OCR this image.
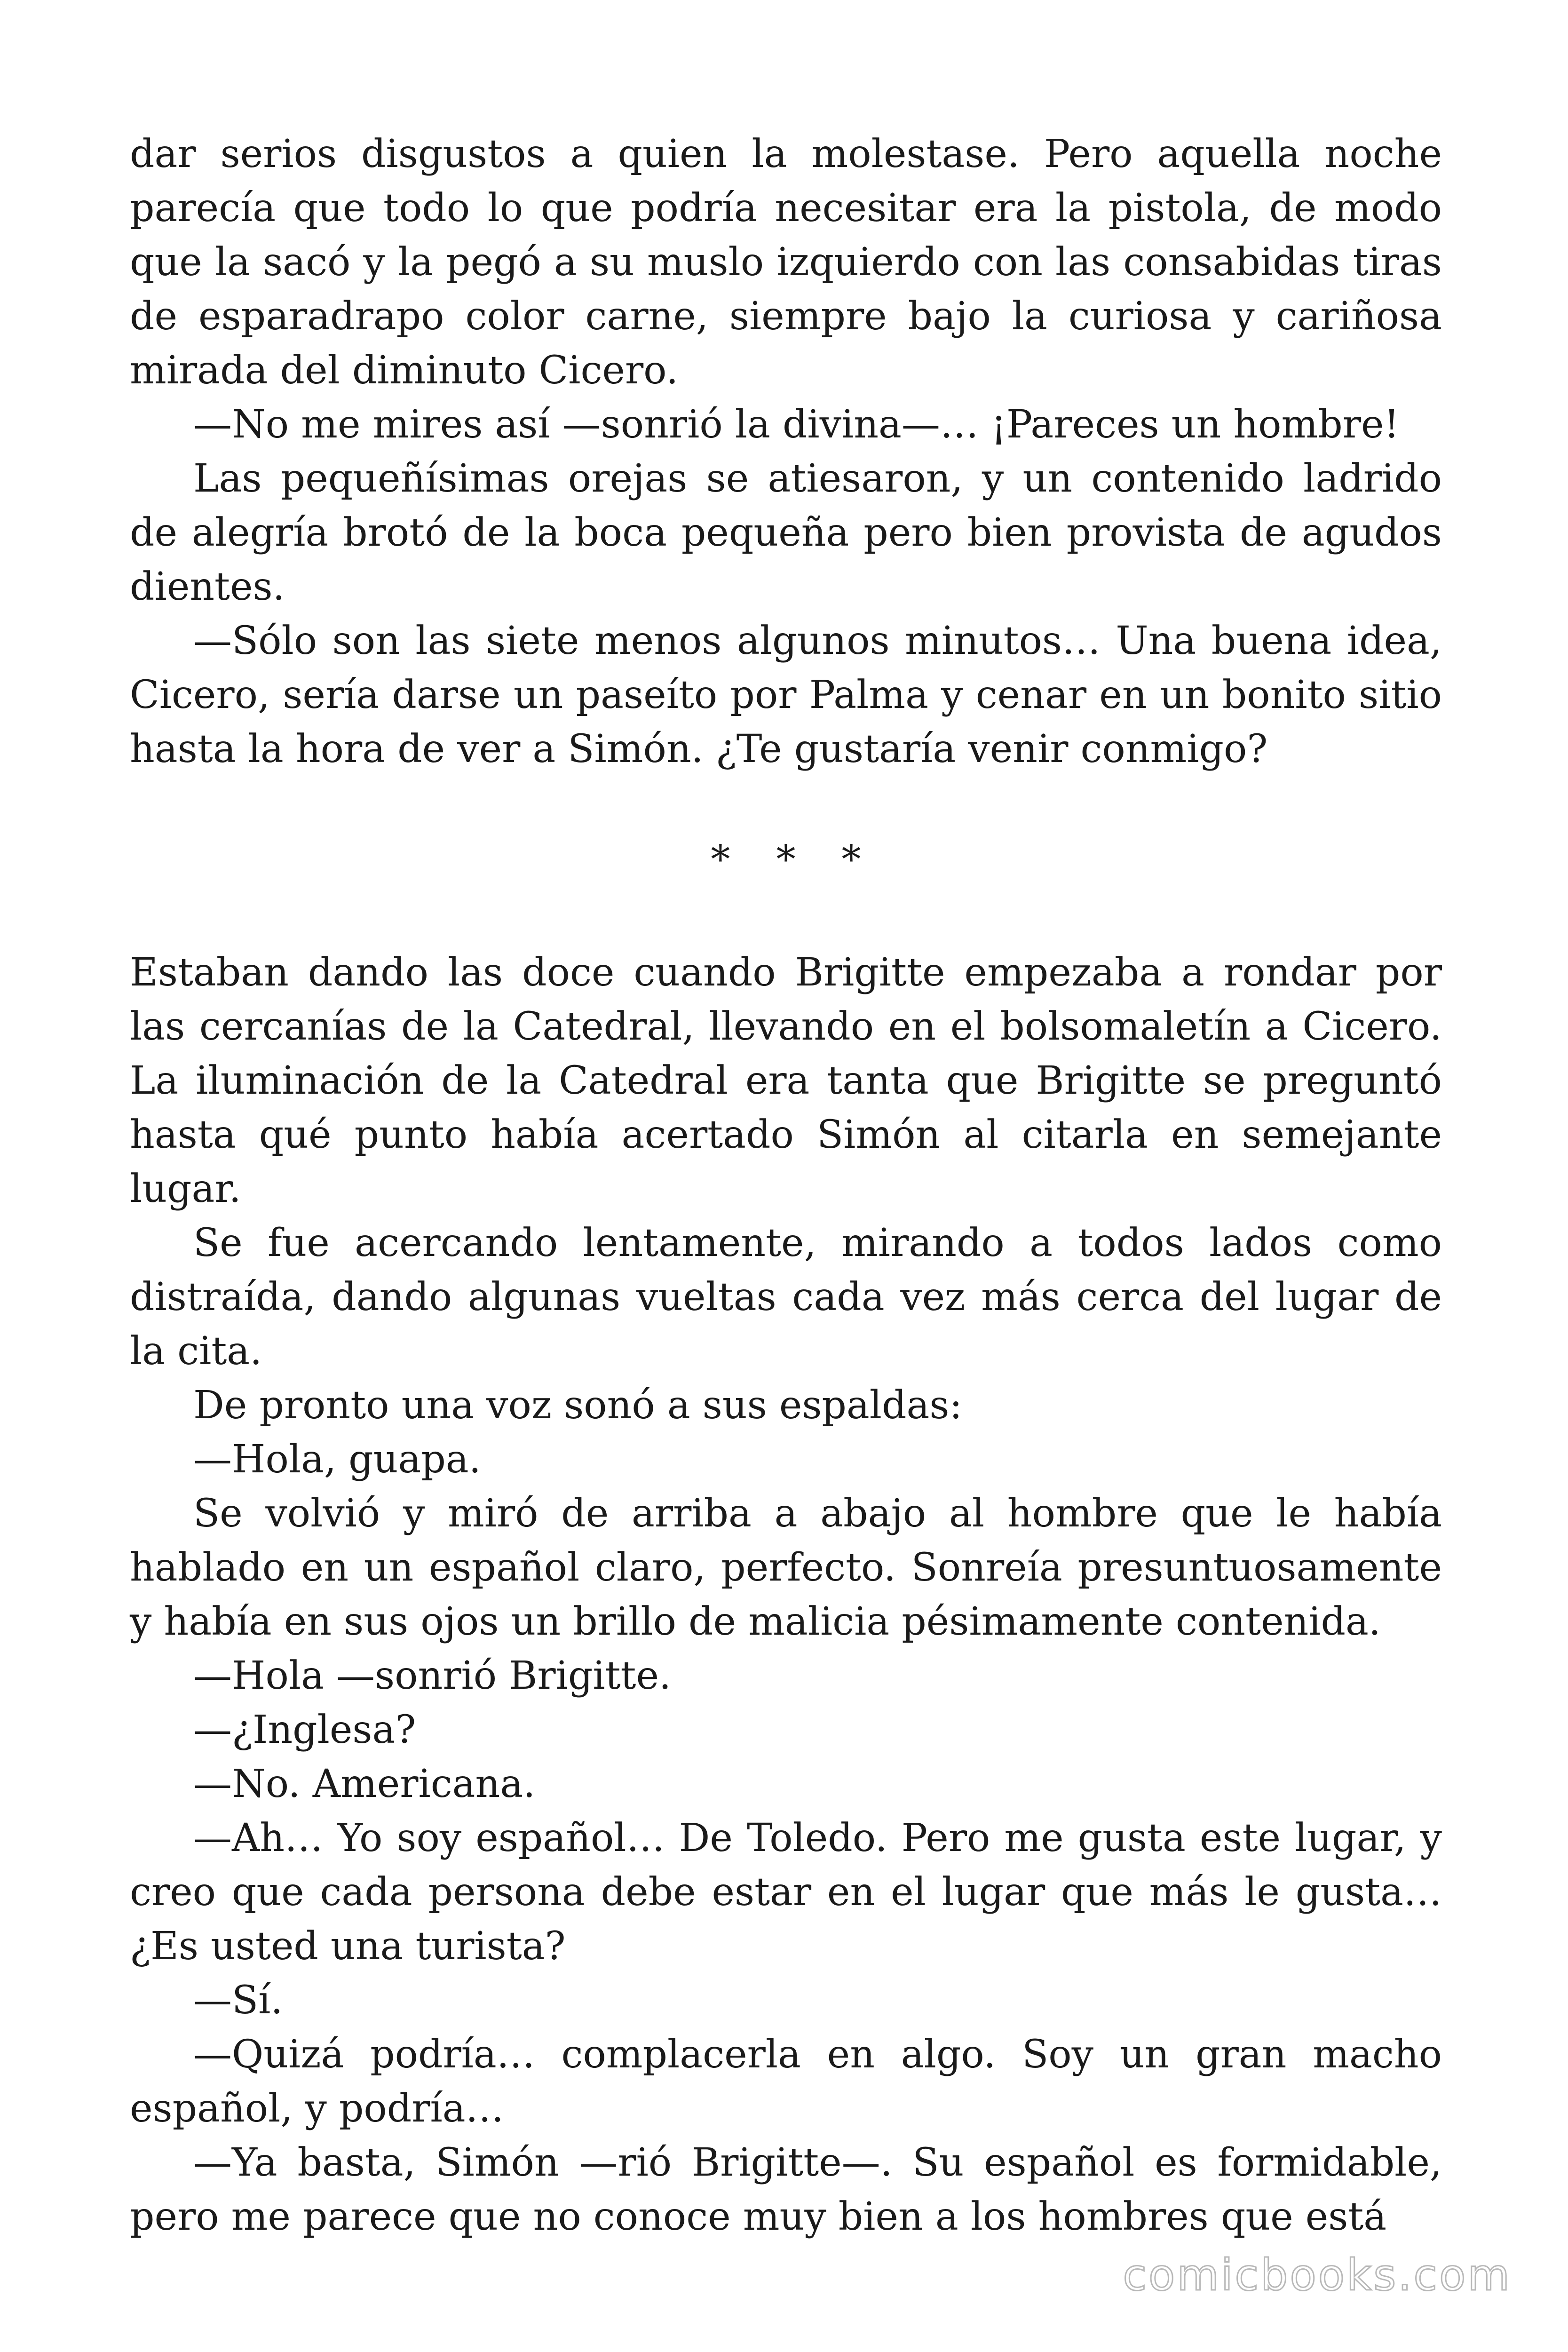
dar serios disgustos a quien la molestase. Pero aquella noche parecía que todo lo que podría necesitar era la pistola, de modo que la sacó y la pegó a su muslo izquierdo con las consabidas tiras de esparadrapo color carne, siempre bajo la curiosa y cariñosa mirada del diminuto Cicero.

—No me mires así —sonrió la divina—… ¡Pareces un hombre!

Las pequeñísimas orejas se atiesaron, y un contenido ladrido de alegría brotó de la boca pequeña pero bien provista de agudos dientes.

—Sólo son las siete menos algunos minutos… Una buena idea, Cicero, sería darse un paseíto por Palma y cenar en un bonito sitio hasta la hora de ver a Simón. ¿Te gustaría venir conmigo?

* * *

Estaban dando las doce cuando Brigitte empezaba a rondar por las cercanías de la Catedral, llevando en el bolsomaletín a Cicero. La iluminación de la Catedral era tanta que Brigitte se preguntó hasta qué punto había acertado Simón al citarla en semejante lugar.

Se fue acercando lentamente, mirando a todos lados como distraída, dando algunas vueltas cada vez más cerca del lugar de la cita.

De pronto una voz sonó a sus espaldas:

—Hola, guapa.

Se volvió y miró de arriba a abajo al hombre que le había hablado en un español claro, perfecto. Sonreía presuntuosamente y había en sus ojos un brillo de malicia pésimamente contenida.

—Hola —sonrió Brigitte.

—¿Inglesa?

—No. Americana.

—Ah… Yo soy español… De Toledo. Pero me gusta este lugar, y creo que cada persona debe estar en el lugar que más le gusta… ¿Es usted una turista?

—Sí.

—Quizá podría… complacerla en algo. Soy un gran macho español, y podría…

—Ya basta, Simón —rió Brigitte—. Su español es formidable, pero me parece que no conoce muy bien a los hombres que está

comicbooks.com
